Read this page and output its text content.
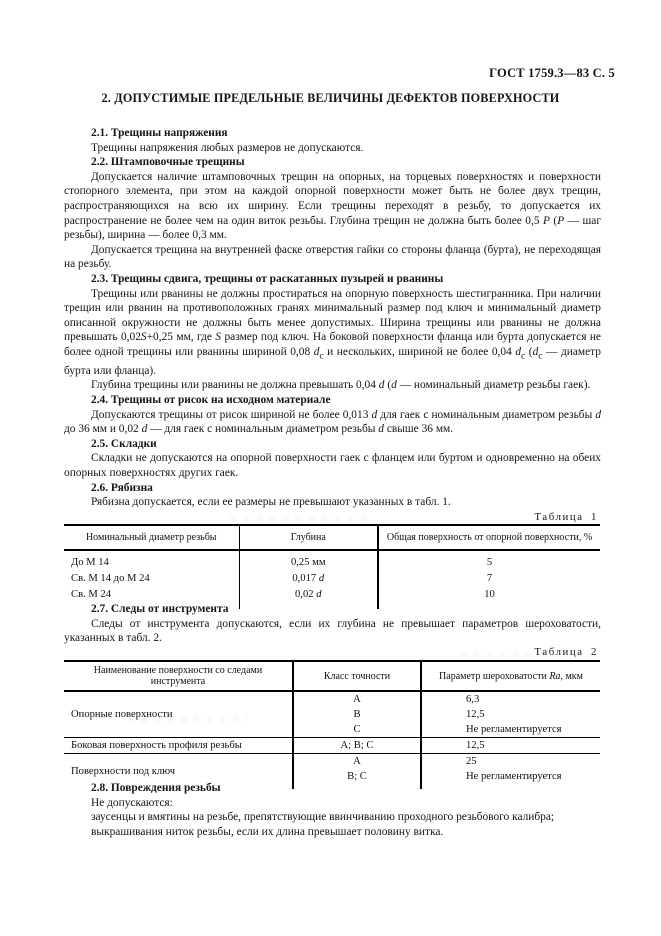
ГОСТ 1759.3—83 С. 5
2. ДОПУСТИМЫЕ ПРЕДЕЛЬНЫЕ ВЕЛИЧИНЫ ДЕФЕКТОВ ПОВЕРХНОСТИ

2.1. Трещины напряжения

Трещины напряжения любых размеров не допускаются.

2.2. Штамповочные трещины

Допускается наличие штамповочных трещин на опорных, на торцевых поверхностях и поверхности стопорного элемента, при этом на каждой опорной поверхности может быть не более двух трещин, распространяющихся на всю их ширину. Если трещины переходят в резьбу, то допускается их распространение не более чем на один виток резьбы. Глубина трещин не должна быть более 0,5 Р (Р — шаг резьбы), ширина — более 0,3 мм.

Допускается трещина на внутренней фаске отверстия гайки со стороны фланца (бурта), не переходящая на резьбу.

2.3. Трещины сдвига, трещины от раскатанных пузырей и рванины

Трещины или рванины не должны простираться на опорную поверхность шестигранника. При наличии трещин или рванин на противоположных гранях минимальный размер под ключ и минимальный диаметр описанной окружности не должны быть менее допустимых. Ширина трещины или рванины не должна превышать 0,02S+0,25 мм, где S размер под ключ. На боковой поверхности фланца или бурта допускается не более одной трещины или рванины шириной 0,08 $d_с$ и нескольких, шириной не более 0,04 $d_с$ ($d_с$ — диаметр бурта или фланца).

Глубина трещины или рванины не должна превышать 0,04 d (d — номинальный диаметр резьбы гаек).

2.4. Трещины от рисок на исходном материале

Допускаются трещины от рисок шириной не более 0,013 d для гаек с номинальным диаметром резьбы d до 36 мм и 0,02 d — для гаек с номинальным диаметром резьбы d свыше 36 мм.

2.5. Складки

Складки не допускаются на опорной поверхности гаек с фланцем или буртом и одновременно на обеих опорных поверхностях других гаек.

2.6. Рябизна

Рябизна допускается, если ее размеры не превышают указанных в табл. 1.

Таблица 1
Номинальный диаметр резьбы	Глубина	Общая поверхность от опорной поверхности, %
До М 14	0,25 мм	5
Св. М 14 до М 24	0,017 d	7
Св. М 24	0,02 d	10

2.7. Следы от инструмента

Следы от инструмента допускаются, если их глубина не превышает параметров шероховатости, указанных в табл. 2.

Таблица 2
Наименование поверхности со следами инструмента	Класс точности	Параметр шероховатости Ra, мкм
Опорные поверхности	А	6,3
	В	12,5
	С	Не регламентируется
Боковая поверхность профиля резьбы	А; В; С	12,5
Поверхности под ключ	А	25
	В; С	Не регламентируется

2.8. Повреждения резьбы

Не допускаются:

заусенцы и вмятины на резьбе, препятствующие ввинчиванию проходного резьбового калибра;

выкрашивания ниток резьбы, если их длина превышает половину витка.
